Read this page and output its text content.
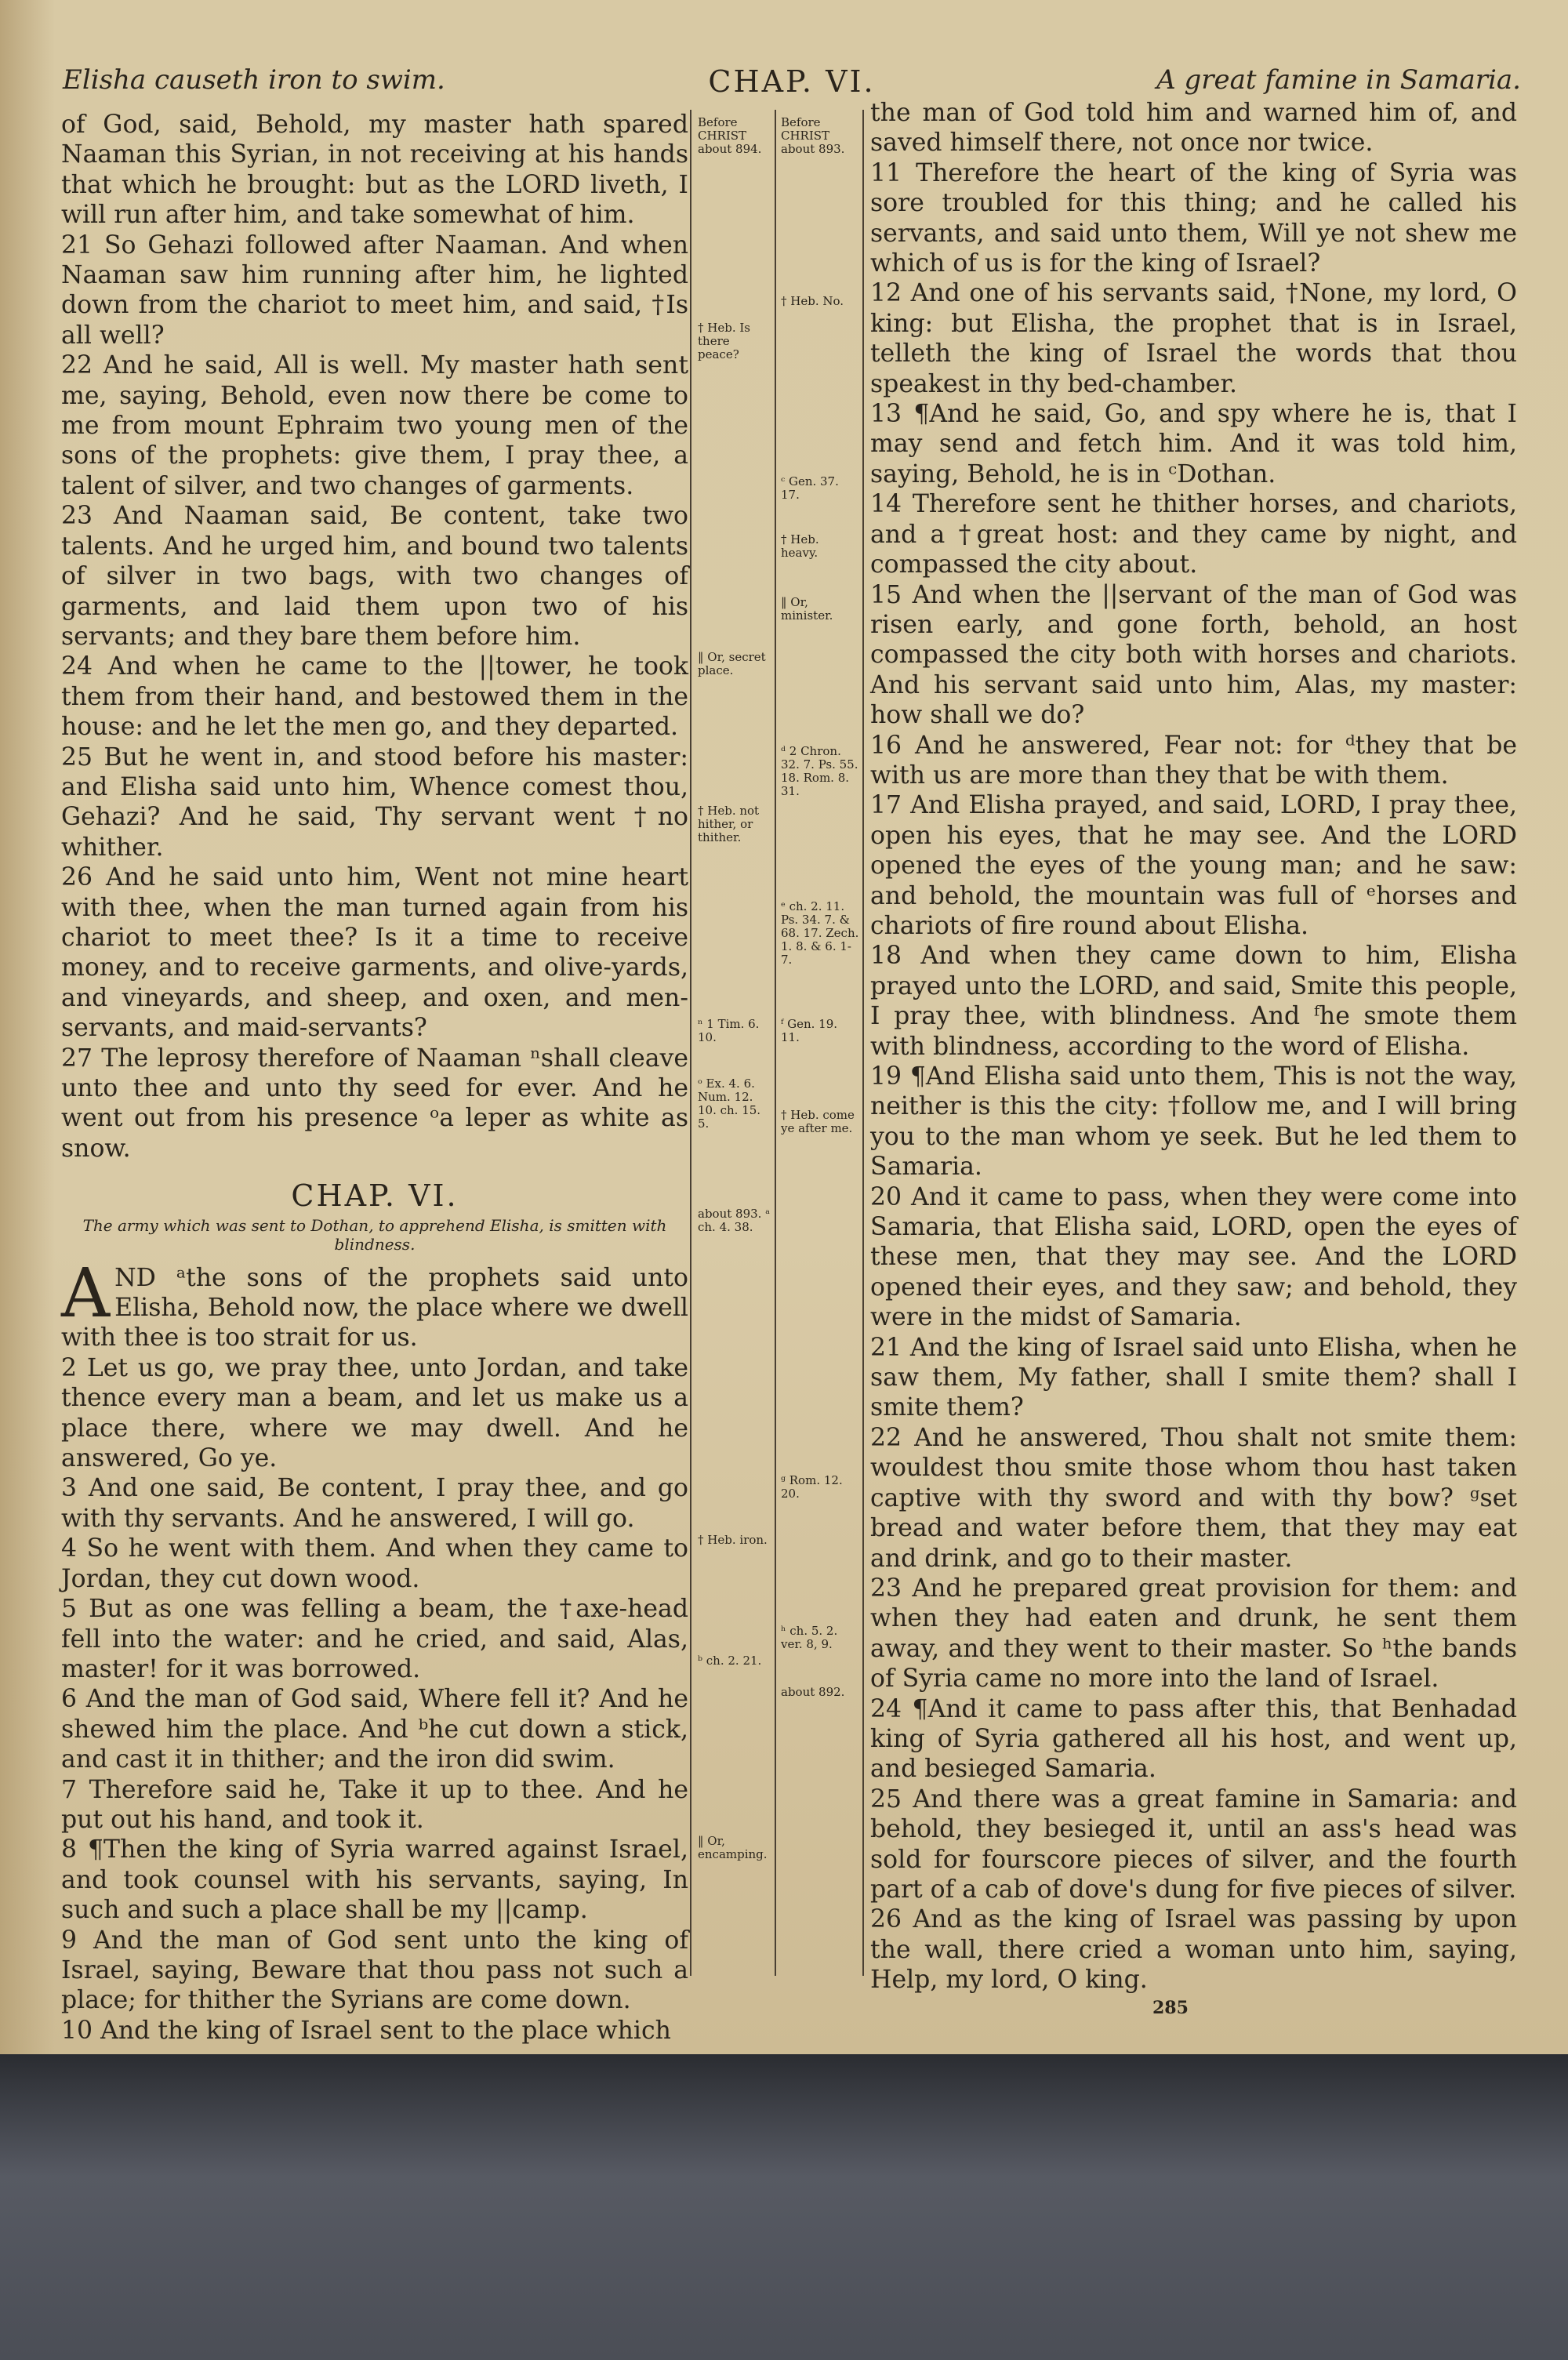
Elisha causeth iron to swim.	CHAP. VI.	A great famine in Samaria.

of God, said, Behold, my master hath spared Naaman this Syrian, in not receiving at his hands that which he brought: but as the LORD liveth, I will run after him, and take somewhat of him.

21 So Gehazi followed after Naaman. And when Naaman saw him running after him, he lighted down from the chariot to meet him, and said, †Is all well?

22 And he said, All is well. My master hath sent me, saying, Behold, even now there be come to me from mount Ephraim two young men of the sons of the prophets: give them, I pray thee, a talent of silver, and two changes of garments.

23 And Naaman said, Be content, take two talents. And he urged him, and bound two talents of silver in two bags, with two changes of garments, and laid them upon two of his servants; and they bare them before him.

24 And when he came to the ||tower, he took them from their hand, and bestowed them in the house: and he let the men go, and they departed.

25 But he went in, and stood before his master: and Elisha said unto him, Whence comest thou, Gehazi? And he said, Thy servant went †no whither.

26 And he said unto him, Went not mine heart with thee, when the man turned again from his chariot to meet thee? Is it a time to receive money, and to receive garments, and olive-yards, and vineyards, and sheep, and oxen, and men-servants, and maid-servants?

27 The leprosy therefore of Naaman ⁿshall cleave unto thee and unto thy seed for ever. And he went out from his presence ᵒa leper as white as snow.

CHAP. VI.
The army which was sent to Dothan, to apprehend Elisha, is smitten with blindness.

AND ᵃthe sons of the prophets said unto Elisha, Behold now, the place where we dwell with thee is too strait for us.

2 Let us go, we pray thee, unto Jordan, and take thence every man a beam, and let us make us a place there, where we may dwell. And he answered, Go ye.

3 And one said, Be content, I pray thee, and go with thy servants. And he answered, I will go.

4 So he went with them. And when they came to Jordan, they cut down wood.

5 But as one was felling a beam, the †axe-head fell into the water: and he cried, and said, Alas, master! for it was borrowed.

6 And the man of God said, Where fell it? And he shewed him the place. And ᵇhe cut down a stick, and cast it in thither; and the iron did swim.

7 Therefore said he, Take it up to thee. And he put out his hand, and took it.

8 ¶Then the king of Syria warred against Israel, and took counsel with his servants, saying, In such and such a place shall be my ||camp.

9 And the man of God sent unto the king of Israel, saying, Beware that thou pass not such a place; for thither the Syrians are come down.

10 And the king of Israel sent to the place which

Before CHRIST about 894.
† Heb. Is there peace?
‖ Or, secret place.
† Heb. not hither, or thither.
ⁿ 1 Tim. 6. 10.
ᵒ Ex. 4. 6. Num. 12. 10. ch. 15. 5.
about 893. ᵃ ch. 4. 38.
† Heb. iron.
ᵇ ch. 2. 21.
‖ Or, encamping.
Before CHRIST about 893.
† Heb. No.
ᶜ Gen. 37. 17.
† Heb. heavy.
‖ Or, minister.
ᵈ 2 Chron. 32. 7. Ps. 55. 18. Rom. 8. 31.
ᵉ ch. 2. 11. Ps. 34. 7. & 68. 17. Zech. 1. 8. & 6. 1-7.
ᶠ Gen. 19. 11.
† Heb. come ye after me.
ᵍ Rom. 12. 20.
ʰ ch. 5. 2. ver. 8, 9.
about 892.

the man of God told him and warned him of, and saved himself there, not once nor twice.

11 Therefore the heart of the king of Syria was sore troubled for this thing; and he called his servants, and said unto them, Will ye not shew me which of us is for the king of Israel?

12 And one of his servants said, †None, my lord, O king: but Elisha, the prophet that is in Israel, telleth the king of Israel the words that thou speakest in thy bed-chamber.

13 ¶And he said, Go, and spy where he is, that I may send and fetch him. And it was told him, saying, Behold, he is in ᶜDothan.

14 Therefore sent he thither horses, and chariots, and a †great host: and they came by night, and compassed the city about.

15 And when the ||servant of the man of God was risen early, and gone forth, behold, an host compassed the city both with horses and chariots. And his servant said unto him, Alas, my master: how shall we do?

16 And he answered, Fear not: for ᵈthey that be with us are more than they that be with them.

17 And Elisha prayed, and said, LORD, I pray thee, open his eyes, that he may see. And the LORD opened the eyes of the young man; and he saw: and behold, the mountain was full of ᵉhorses and chariots of fire round about Elisha.

18 And when they came down to him, Elisha prayed unto the LORD, and said, Smite this people, I pray thee, with blindness. And ᶠhe smote them with blindness, according to the word of Elisha.

19 ¶And Elisha said unto them, This is not the way, neither is this the city: †follow me, and I will bring you to the man whom ye seek. But he led them to Samaria.

20 And it came to pass, when they were come into Samaria, that Elisha said, LORD, open the eyes of these men, that they may see. And the LORD opened their eyes, and they saw; and behold, they were in the midst of Samaria.

21 And the king of Israel said unto Elisha, when he saw them, My father, shall I smite them? shall I smite them?

22 And he answered, Thou shalt not smite them: wouldest thou smite those whom thou hast taken captive with thy sword and with thy bow? ᵍset bread and water before them, that they may eat and drink, and go to their master.

23 And he prepared great provision for them: and when they had eaten and drunk, he sent them away, and they went to their master. So ʰthe bands of Syria came no more into the land of Israel.

24 ¶And it came to pass after this, that Benhadad king of Syria gathered all his host, and went up, and besieged Samaria.

25 And there was a great famine in Samaria: and behold, they besieged it, until an ass's head was sold for fourscore pieces of silver, and the fourth part of a cab of dove's dung for five pieces of silver.

26 And as the king of Israel was passing by upon the wall, there cried a woman unto him, saying, Help, my lord, O king.

285
